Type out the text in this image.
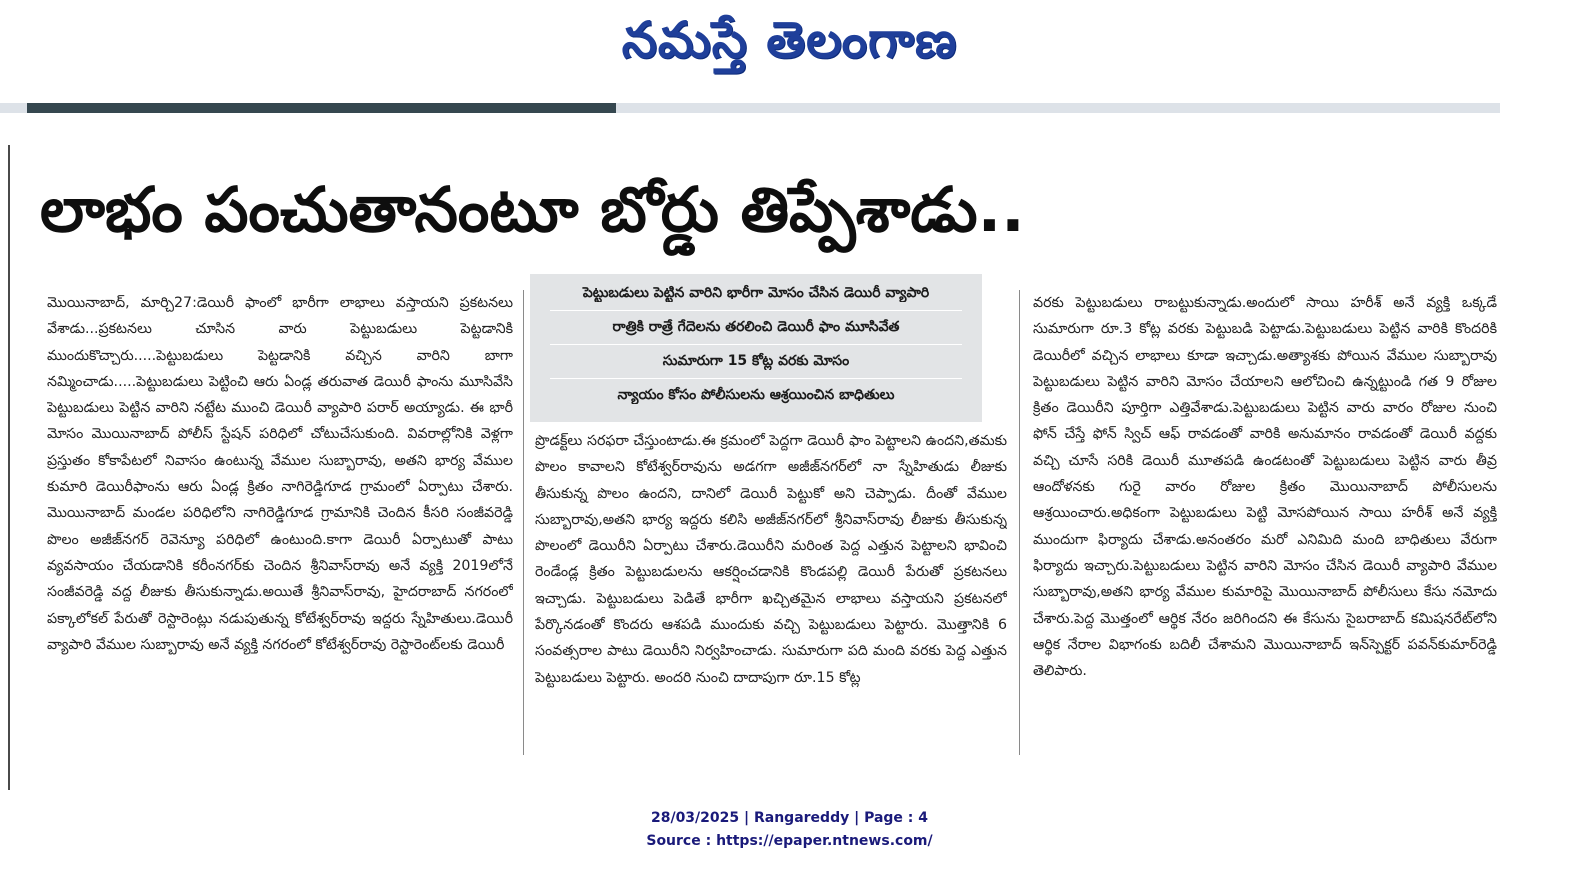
నమస్తే తెలంగాణ
లాభం పంచుతానంటూ బోర్డు తిప్పేశాడు..

మొయినాబాద్, మార్చి27:డెయిరీ ఫాంలో భారీగా లాభాలు వస్తాయని ప్రకటనలు వేశాడు...ప్రకటనలు చూసిన వారు పెట్టుబడులు పెట్టడానికి ముందుకొచ్చారు.....పెట్టుబడులు పెట్టడానికి వచ్చిన వారిని బాగా నమ్మించాడు.....పెట్టుబడులు పెట్టించి ఆరు ఏండ్ల తరువాత డెయిరీ ఫాంను మూసివేసి పెట్టుబడులు పెట్టిన వారిని నట్టేట ముంచి డెయిరీ వ్యాపారి పరార్ అయ్యాడు. ఈ భారీ మోసం మొయినాబాద్ పోలీస్ స్టేషన్ పరిధిలో చోటుచేసుకుంది. వివరాల్లోనికి వెళ్లగా ప్రస్తుతం కోకాపేటలో నివాసం ఉంటున్న వేముల సుబ్బారావు, అతని భార్య వేముల కుమారి డెయిరీఫాంను ఆరు ఏండ్ల క్రితం నాగిరెడ్డిగూడ గ్రామంలో ఏర్పాటు చేశారు. మొయినాబాద్ మండల పరిధిలోని నాగిరెడ్డిగూడ గ్రామానికి చెందిన కీసరి సంజీవరెడ్డి పొలం అజీజ్‌నగర్ రెవెన్యూ పరిధిలో ఉంటుంది.కాగా డెయిరీ ఏర్పాటుతో పాటు వ్యవసాయం చేయడానికి కరీంనగర్‌కు చెందిన శ్రీనివాస్‌రావు అనే వ్యక్తి 2019లోనే సంజీవరెడ్డి వద్ద లీజుకు తీసుకున్నాడు.అయితే శ్రీనివాస్‌రావు, హైదరాబాద్ నగరంలో పక్కాలోకల్ పేరుతో రెస్టారెంట్లు నడుపుతున్న కోటేశ్వర్‌రావు ఇద్దరు స్నేహితులు.డెయిరీ వ్యాపారి వేముల సుబ్బారావు అనే వ్యక్తి నగరంలో కోటేశ్వర్‌రావు రెస్టారెంట్‌లకు డెయిరీ

పెట్టుబడులు పెట్టిన వారిని భారీగా మోసం చేసిన డెయిరీ వ్యాపారి
రాత్రికి రాత్రే గేదెలను తరలించి డెయిరీ ఫాం మూసివేత
సుమారుగా 15 కోట్ల వరకు మోసం
న్యాయం కోసం పోలీసులను ఆశ్రయించిన బాధితులు

ప్రొడక్ట్‌లు సరఫరా చేస్తుంటాడు.ఈ క్రమంలో పెద్దగా డెయిరీ ఫాం పెట్టాలని ఉందని,తమకు పొలం కావాలని కోటేశ్వర్‌రావును అడగగా అజీజ్‌నగర్‌లో నా స్నేహితుడు లీజుకు తీసుకున్న పొలం ఉందని, దానిలో డెయిరీ పెట్టుకో అని చెప్పాడు. దీంతో వేముల సుబ్బారావు,అతని భార్య ఇద్దరు కలిసి అజీజ్‌నగర్‌లో శ్రీనివాస్‌రావు లీజుకు తీసుకున్న పొలంలో డెయిరీని ఏర్పాటు చేశారు.డెయిరీని మరింత పెద్ద ఎత్తున పెట్టాలని భావించి రెండేండ్ల క్రితం పెట్టుబడులను ఆకర్షించడానికి కొండపల్లి డెయిరీ పేరుతో ప్రకటనలు ఇచ్చాడు. పెట్టుబడులు పెడితే భారీగా ఖచ్చితమైన లాభాలు వస్తాయని ప్రకటనలో పేర్కొనడంతో కొందరు ఆశపడి ముందుకు వచ్చి పెట్టుబడులు పెట్టారు. మొత్తానికి 6 సంవత్సరాల పాటు డెయిరీని నిర్వహించాడు. సుమారుగా పది మంది వరకు పెద్ద ఎత్తున పెట్టుబడులు పెట్టారు. అందరి నుంచి దాదాపుగా రూ.15 కోట్ల

వరకు పెట్టుబడులు రాబట్టుకున్నాడు.అందులో సాయి హరీశ్ అనే వ్యక్తి ఒక్కడే సుమారుగా రూ.3 కోట్ల వరకు పెట్టుబడి పెట్టాడు.పెట్టుబడులు పెట్టిన వారికి కొందరికి డెయిరీలో వచ్చిన లాభాలు కూడా ఇచ్చాడు.అత్యాశకు పోయిన వేముల సుబ్బారావు పెట్టుబడులు పెట్టిన వారిని మోసం చేయాలని ఆలోచించి ఉన్నట్టుండి గత 9 రోజుల క్రితం డెయిరీని పూర్తిగా ఎత్తివేశాడు.పెట్టుబడులు పెట్టిన వారు వారం రోజుల నుంచి ఫోన్ చేస్తే ఫోన్ స్విచ్ ఆఫ్ రావడంతో వారికి అనుమానం రావడంతో డెయిరీ వద్దకు వచ్చి చూసే సరికి డెయిరీ మూతపడి ఉండటంతో పెట్టుబడులు పెట్టిన వారు తీవ్ర ఆందోళనకు గురై వారం రోజుల క్రితం మొయినాబాద్ పోలీసులను ఆశ్రయించారు.అధికంగా పెట్టుబడులు పెట్టి మోసపోయిన సాయి హరీశ్ అనే వ్యక్తి ముందుగా ఫిర్యాదు చేశాడు.అనంతరం మరో ఎనిమిది మంది బాధితులు వేరుగా ఫిర్యాదు ఇచ్చారు.పెట్టుబడులు పెట్టిన వారిని మోసం చేసిన డెయిరీ వ్యాపారి వేముల సుబ్బారావు,అతని భార్య వేముల కుమారిపై మొయినాబాద్ పోలీసులు కేసు నమోదు చేశారు.పెద్ద మొత్తంలో ఆర్థిక నేరం జరిగిందని ఈ కేసును సైబరాబాద్ కమిషనరేట్‌లోని ఆర్థిక నేరాల విభాగంకు బదిలీ చేశామని మొయినాబాద్ ఇన్‌స్పెక్టర్ పవన్‌కుమార్‌రెడ్డి తెలిపారు.

28/03/2025 | Rangareddy | Page : 4
Source : https://epaper.ntnews.com/
